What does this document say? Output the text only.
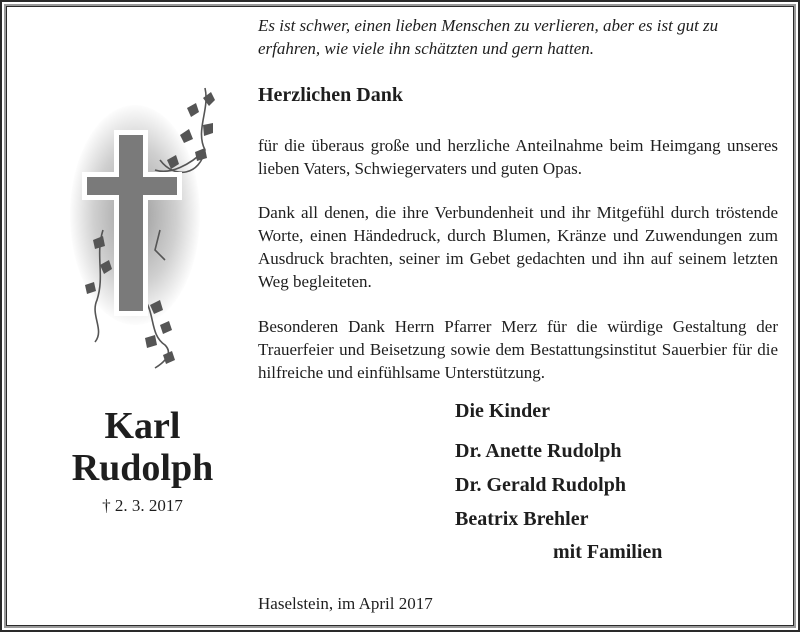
Es ist schwer, einen lieben Menschen zu verlieren, aber es ist gut zu erfahren, wie viele ihn schätzten und gern hatten.
Herzlichen Dank
für die überaus große und herzliche Anteilnahme beim Heimgang unseres lieben Vaters, Schwiegervaters und guten Opas.
Dank all denen, die ihre Verbundenheit und ihr Mitgefühl durch tröstende Worte, einen Händedruck, durch Blumen, Kränze und Zuwendungen zum Ausdruck brachten, seiner im Gebet gedachten und ihn auf seinem letzten Weg begleiteten.
Besonderen Dank Herrn Pfarrer Merz für die würdige Gestaltung der Trauerfeier und Beisetzung sowie dem Bestattungsinstitut Sauerbier für die hilfreiche und einfühlsame Unterstützung.
Karl
Rudolph
† 2. 3. 2017
Die Kinder
Dr. Anette Rudolph
Dr. Gerald Rudolph
Beatrix Brehler
mit Familien
Haselstein, im April 2017
